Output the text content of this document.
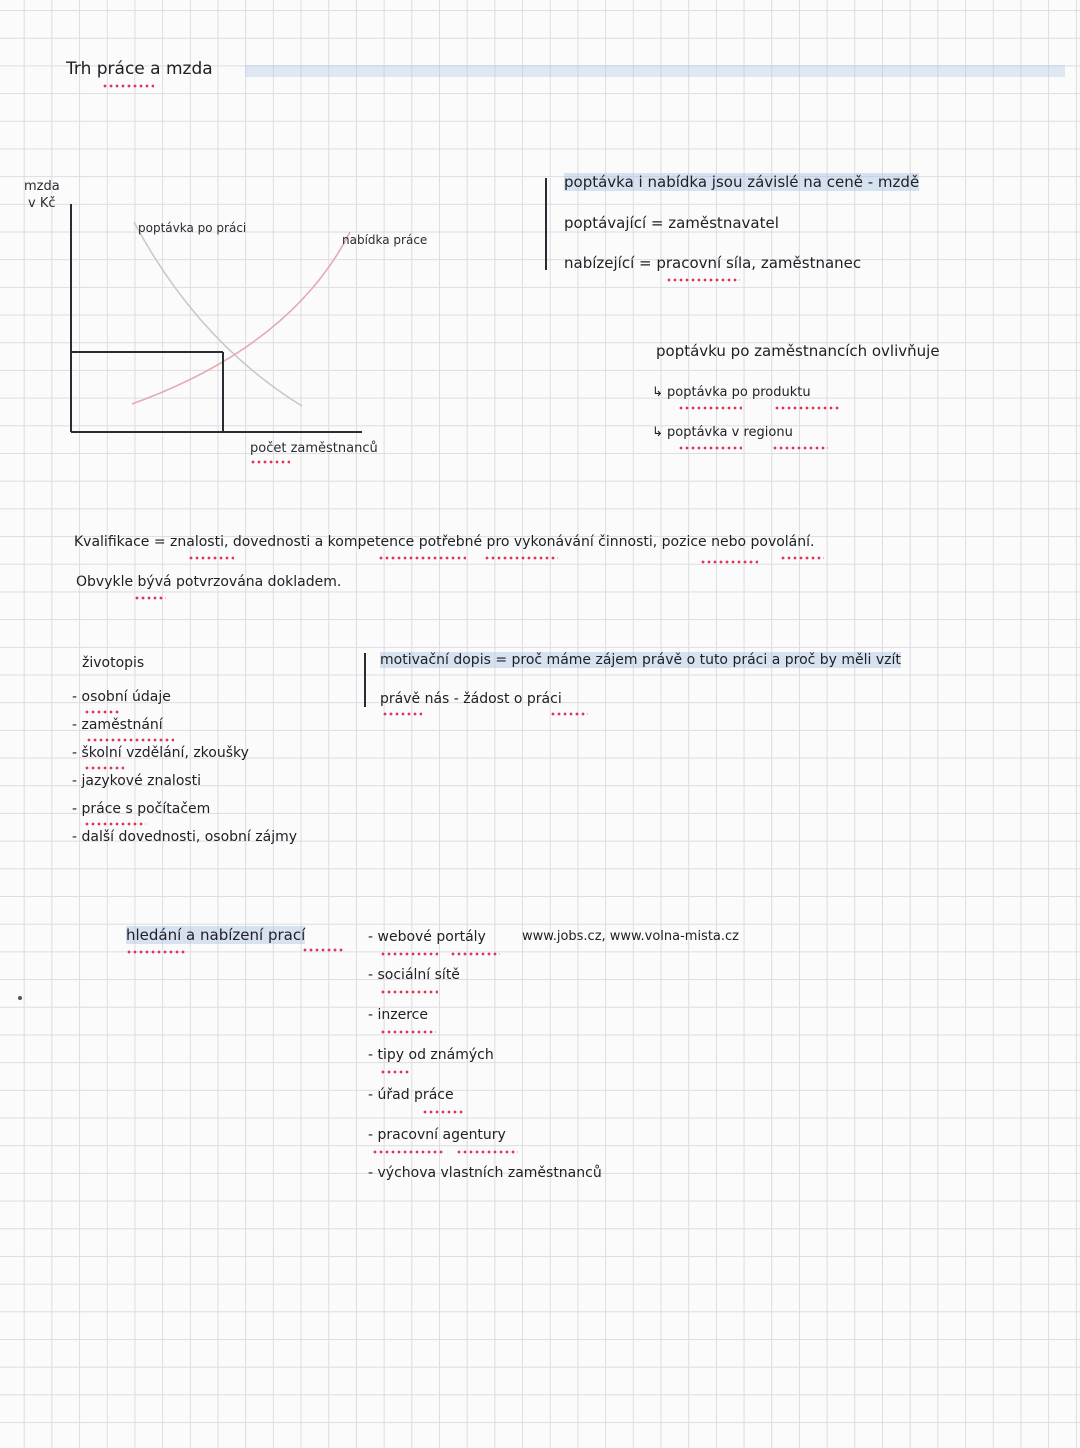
Trh práce a mzda
mzda
v Kč
poptávka po práci
nabídka práce
počet zaměstnanců
poptávka i nabídka jsou závislé na ceně - mzdě
poptávající = zaměstnavatel
nabízející = pracovní síla, zaměstnanec
poptávku po zaměstnancích ovlivňuje
↳ poptávka po produktu
↳ poptávka v regionu
Kvalifikace = znalosti, dovednosti a kompetence potřebné pro vykonávání činnosti, pozice nebo povolání.
Obvykle bývá potvrzována dokladem.
životopis
- osobní údaje
- zaměstnání
- školní vzdělání, zkoušky
- jazykové znalosti
- práce s počítačem
- další dovednosti, osobní zájmy
motivační dopis = proč máme zájem právě o tuto práci a proč by měli vzít
právě nás - žádost o práci
hledání a nabízení prací	- webové portály	www.jobs.cz, www.volna-mista.cz
- sociální sítě
- inzerce
- tipy od známých
- úřad práce
- pracovní agentury
- výchova vlastních zaměstnanců
